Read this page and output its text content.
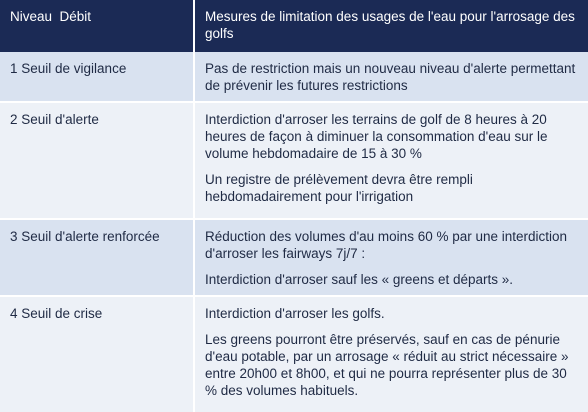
Niveau  Débit	Mesures de limitation des usages de l'eau pour l'arrosage des golfs
1 Seuil de vigilance	Pas de restriction mais un nouveau niveau d'alerte permettant de prévenir les futures restrictions

2 Seuil d'alerte	Interdiction d'arroser les terrains de golf de 8 heures à 20 heures de façon à diminuer la consommation d'eau sur le volume hebdomadaire de 15 à 30 %

Un registre de prélèvement devra être rempli hebdomadairement pour l'irrigation

3 Seuil d'alerte renforcée	Réduction des volumes d'au moins 60 % par une interdiction d'arroser les fairways 7j/7 :

Interdiction d'arroser sauf les « greens et départs ».

4 Seuil de crise	Interdiction d'arroser les golfs.

Les greens pourront être préservés, sauf en cas de pénurie d'eau potable, par un arrosage « réduit au strict nécessaire » entre 20h00 et 8h00, et qui ne pourra représenter plus de 30 % des volumes habituels.
